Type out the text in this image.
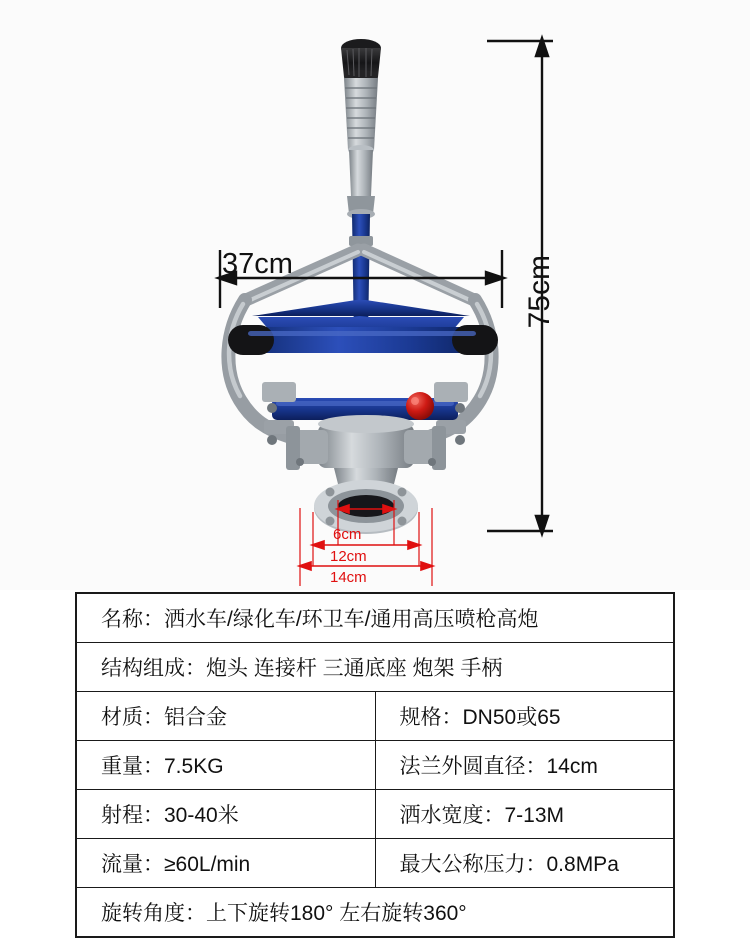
75cm
37cm
6cm
12cm
14cm
名称：洒水车/绿化车/环卫车/通用高压喷枪高炮	
结构组成：炮头 连接杆 三通底座 炮架 手柄	
材质：铝合金	规格：DN50或65
重量：7.5KG	法兰外圆直径：14cm
射程：30-40米	洒水宽度：7-13M
流量：≥60L/min	最大公称压力：0.8MPa
旋转角度：上下旋转180° 左右旋转360°	
